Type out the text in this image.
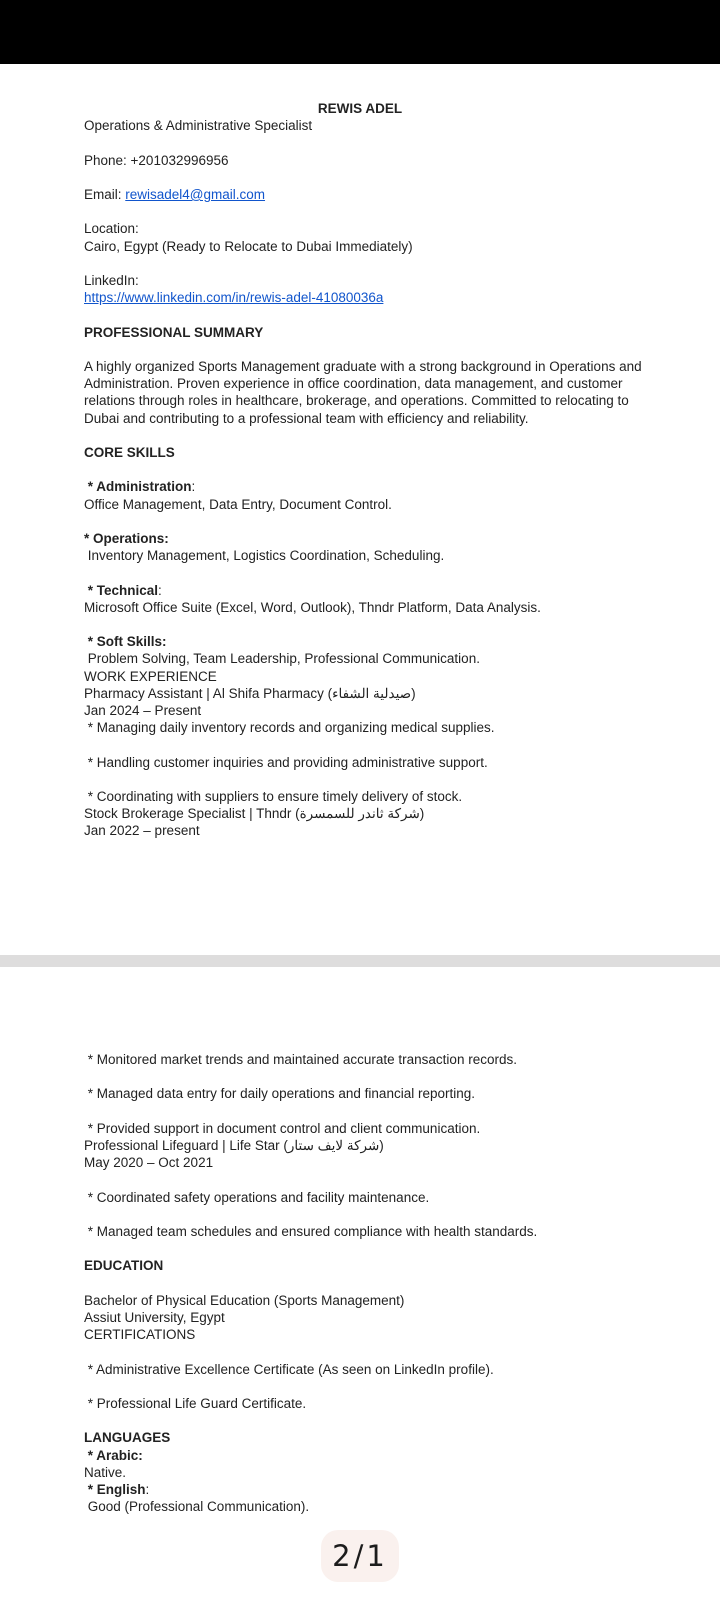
REWIS ADEL
Operations & Administrative Specialist
Phone: +201032996956
Email: rewisadel4@gmail.com
Location:
Cairo, Egypt (Ready to Relocate to Dubai Immediately)
LinkedIn:
https://www.linkedin.com/in/rewis-adel-41080036a
PROFESSIONAL SUMMARY
A highly organized Sports Management graduate with a strong background in Operations and
Administration. Proven experience in office coordination, data management, and customer
relations through roles in healthcare, brokerage, and operations. Committed to relocating to
Dubai and contributing to a professional team with efficiency and reliability.
CORE SKILLS
* Administration:
Office Management, Data Entry, Document Control.
* Operations:
Inventory Management, Logistics Coordination, Scheduling.
* Technical:
Microsoft Office Suite (Excel, Word, Outlook), Thndr Platform, Data Analysis.
* Soft Skills:
Problem Solving, Team Leadership, Professional Communication.
WORK EXPERIENCE
Pharmacy Assistant | Al Shifa Pharmacy (صيدلية الشفاء)
Jan 2024 – Present
* Managing daily inventory records and organizing medical supplies.
* Handling customer inquiries and providing administrative support.
* Coordinating with suppliers to ensure timely delivery of stock.
Stock Brokerage Specialist | Thndr (شركة ثاندر للسمسرة)
Jan 2022 – present
* Monitored market trends and maintained accurate transaction records.
* Managed data entry for daily operations and financial reporting.
* Provided support in document control and client communication.
Professional Lifeguard | Life Star (شركة لايف ستار)
May 2020 – Oct 2021
* Coordinated safety operations and facility maintenance.
* Managed team schedules and ensured compliance with health standards.
EDUCATION
Bachelor of Physical Education (Sports Management)
Assiut University, Egypt
CERTIFICATIONS
* Administrative Excellence Certificate (As seen on LinkedIn profile).
* Professional Life Guard Certificate.
LANGUAGES
* Arabic:
Native.
* English:
Good (Professional Communication).
2/1
